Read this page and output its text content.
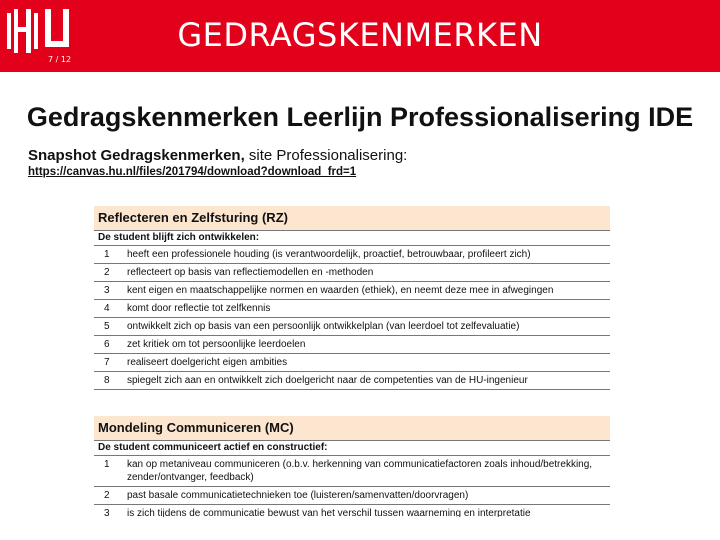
7 / 12
GEDRAGSKENMERKEN
Gedragskenmerken Leerlijn Professionalisering IDE
Snapshot Gedragskenmerken, site Professionalisering:
https://canvas.hu.nl/files/201794/download?download_frd=1
Reflecteren en Zelfsturing (RZ)
De student blijft zich ontwikkelen:
1 heeft een professionele houding (is verantwoordelijk, proactief, betrouwbaar, profileert zich)
2 reflecteert op basis van reflectiemodellen en -methoden
3 kent eigen en maatschappelijke normen en waarden (ethiek), en neemt deze mee in afwegingen
4 komt door reflectie tot zelfkennis
5 ontwikkelt zich op basis van een persoonlijk ontwikkelplan (van leerdoel tot zelfevaluatie)
6 zet kritiek om tot persoonlijke leerdoelen
7 realiseert doelgericht eigen ambities
8 spiegelt zich aan en ontwikkelt zich doelgericht naar de competenties van de HU-ingenieur
Mondeling Communiceren (MC)
De student communiceert actief en constructief:
1 kan op metaniveau communiceren (o.b.v. herkenning van communicatiefactoren zoals inhoud/betrekking, zender/ontvanger, feedback)
2 past basale communicatietechnieken toe (luisteren/samenvatten/doorvragen)
3 is zich tijdens de communicatie bewust van het verschil tussen waarneming en interpretatie
